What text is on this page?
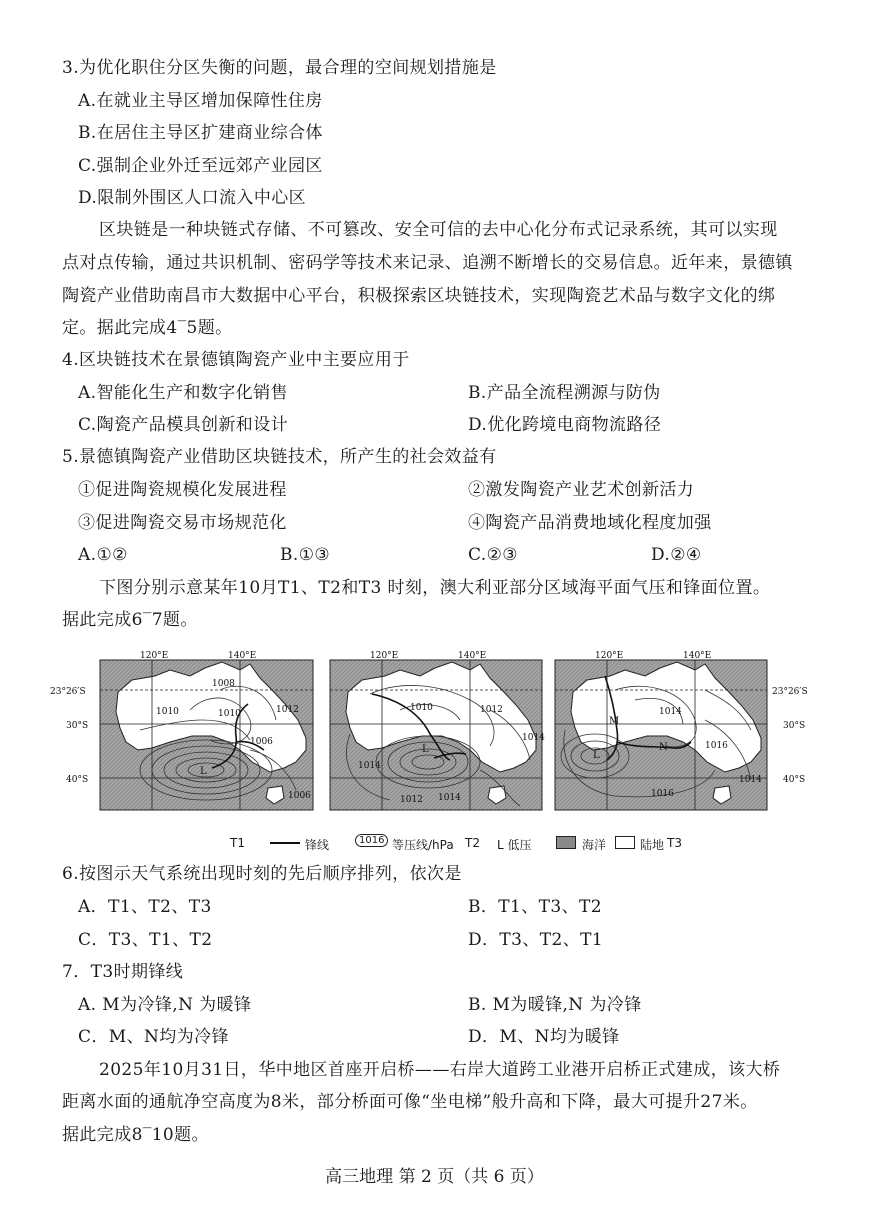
3.为优化职住分区失衡的问题，最合理的空间规划措施是
A.在就业主导区增加保障性住房
B.在居住主导区扩建商业综合体
C.强制企业外迁至远郊产业园区
D.限制外围区人口流入中心区
区块链是一种块链式存储、不可篡改、安全可信的去中心化分布式记录系统，其可以实现
点对点传输，通过共识机制、密码学等技术来记录、追溯不断增长的交易信息。近年来，景德镇
陶瓷产业借助南昌市大数据中心平台，积极探索区块链技术，实现陶瓷艺术品与数字文化的绑
定。据此完成4‾5题。
4.区块链技术在景德镇陶瓷产业中主要应用于
A.智能化生产和数字化销售	B.产品全流程溯源与防伪
C.陶瓷产品模具创新和设计	D.优化跨境电商物流路径
5.景德镇陶瓷产业借助区块链技术，所产生的社会效益有
①促进陶瓷规模化发展进程	②激发陶瓷产业艺术创新活力
③促进陶瓷交易市场规范化	④陶瓷产品消费地域化程度加强
A.①②	B.①③	C.②③	D.②④
下图分别示意某年10月T1、T2和T3 时刻，澳大利亚部分区域海平面气压和锋面位置。
据此完成6‾7题。
120°E	140°E	120°E	140°E	120°E	140°E
23°26′S
30°S
40°S
23°26′S
30°S
40°S
1008
1010	1010	1012
1006
1006
L
1010	1012
1014
1014
1012 1014
L
1014
1016
1014
1016
L
M
N
T1	锋线	1016 等压线/hPa T2 L 低压	海洋	陆地 T3
6.按图示天气系统出现时刻的先后顺序排列，依次是
A．T1、T2、T3	B．T1、T3、T2
C．T3、T1、T2	D．T3、T2、T1
7．T3时期锋线
A. M为冷锋,N 为暖锋	B. M为暖锋,N 为冷锋
C．M、N均为冷锋	D．M、N均为暖锋
2025年10月31日，华中地区首座开启桥——右岸大道跨工业港开启桥正式建成，该大桥
距离水面的通航净空高度为8米，部分桥面可像“坐电梯”般升高和下降，最大可提升27米。
据此完成8‾10题。
高三地理 第 2 页（共 6 页）
